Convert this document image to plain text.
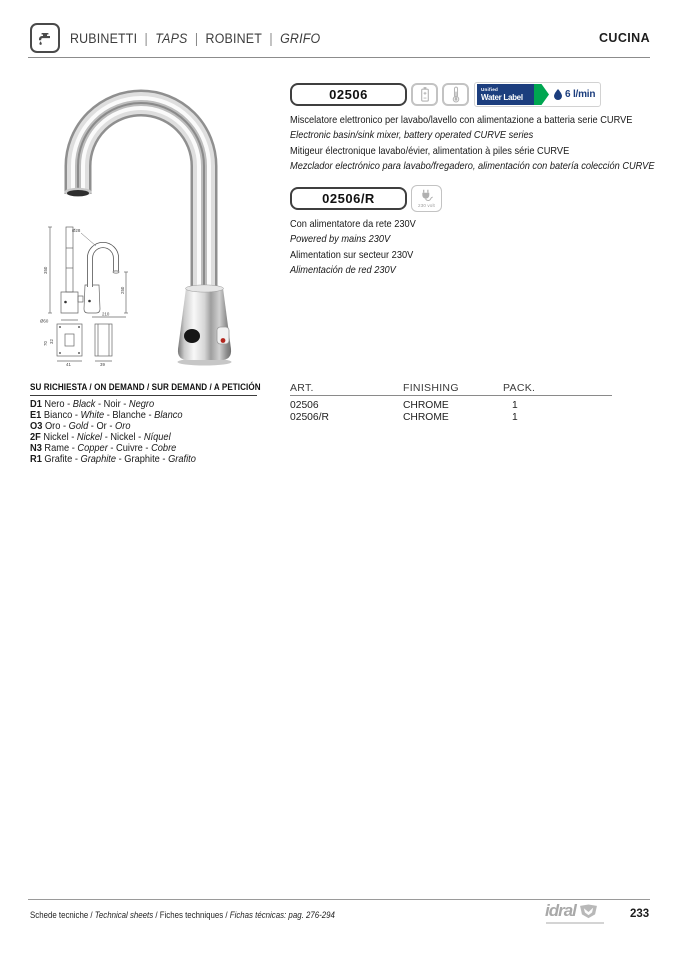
RUBINETTI | TAPS | ROBINET | GRIFO	CUCINA
350
Ø60
Ø28
250
210
70 32
41	39
02506	Unified
Water Label	6 l/min
Miscelatore elettronico per lavabo/lavello con alimentazione a batteria serie CURVE
Electronic basin/sink mixer, battery operated CURVE series
Mitigeur électronique lavabo/évier, alimentation à piles série CURVE
Mezclador electrónico para lavabo/fregadero, alimentación con batería colección CURVE
02506/R	230 volt
Con alimentatore da rete 230V
Powered by mains 230V
Alimentation sur secteur 230V
Alimentación de red 230V
SU RICHIESTA / ON DEMAND / SUR DEMAND / A PETICIÓN
D1 Nero - Black - Noir - Negro
E1 Bianco - White - Blanche - Blanco
O3 Oro - Gold - Or - Oro
2F Nickel - Nickel - Nickel - Níquel
N3 Rame - Copper - Cuivre - Cobre
R1 Grafite - Graphite - Graphite - Grafito
ART.	FINISHING	PACK.
02506	CHROME	1
02506/R	CHROME	1
Schede tecniche / Technical sheets / Fiches techniques / Fichas técnicas: pag. 276-294	idral	233
